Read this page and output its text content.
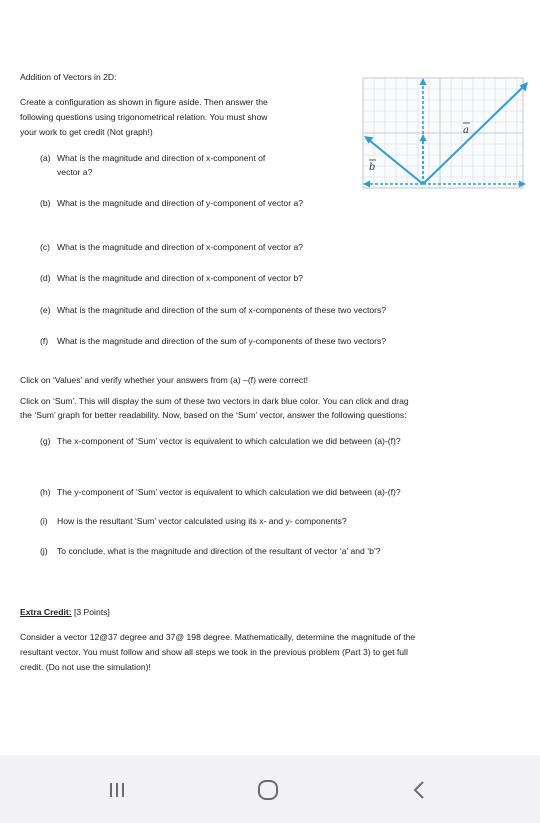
Addition of Vectors in 2D:
Create a configuration as shown in figure aside. Then answer the
following questions using trigonometrical relation. You must show
your work to get credit (Not graph!)
(a) What is the magnitude and direction of x-component of
vector a?
(b) What is the magnitude and direction of y-component of vector a?
(c) What is the magnitude and direction of x-component of vector a?
(d) What is the magnitude and direction of x-component of vector b?
(e) What is the magnitude and direction of the sum of x-components of these two vectors?
(f) What is the magnitude and direction of the sum of y-components of these two vectors?
Click on ‘Values’ and verify whether your answers from (a) –(f) were correct!
Click on ‘Sum’. This will display the sum of these two vectors in dark blue color. You can click and drag
the ‘Sum’ graph for better readability. Now, based on the ‘Sum’ vector, answer the following questions:
(g) The x-component of ‘Sum’ vector is equivalent to which calculation we did between (a)-(f)?
(h) The y-component of ‘Sum’ vector is equivalent to which calculation we did between (a)-(f)?
(i) How is the resultant ‘Sum’ vector calculated using its x- and y- components?
(j) To conclude, what is the magnitude and direction of the resultant of vector ‘a’ and ‘b’?
Extra Credit: [3 Points]
Consider a vector 12@37 degree and 37@ 198 degree. Mathematically, determine the magnitude of the
resultant vector. You must follow and show all steps we took in the previous problem (Part 3) to get full
credit. (Do not use the simulation)!
a
b
